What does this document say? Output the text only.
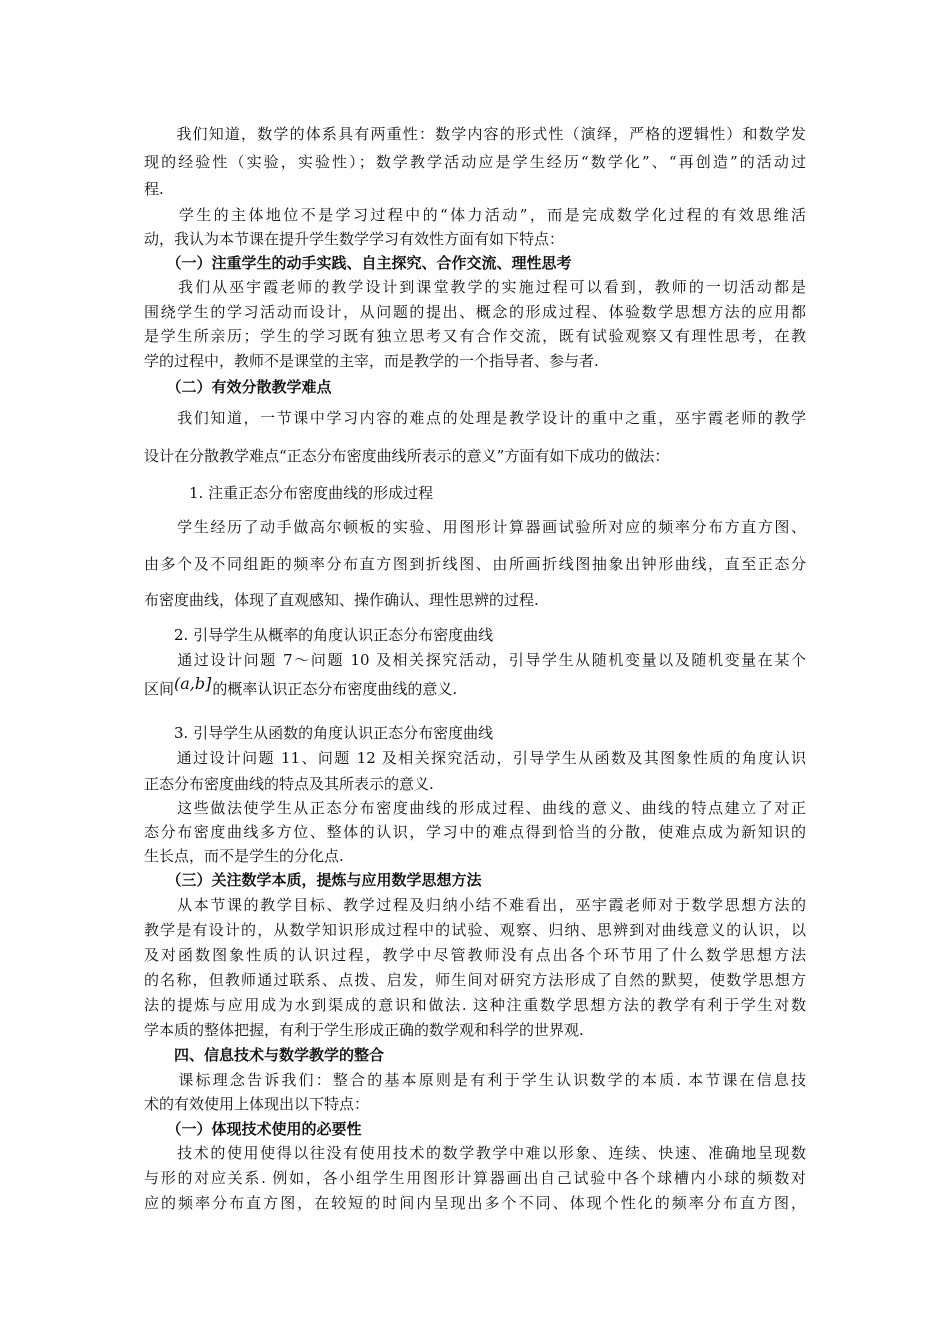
　　我们知道，数学的体系具有两重性：数学内容的形式性（演绎，严格的逻辑性）和数学发
现的经验性（实验，实验性）；数学教学活动应是学生经历“数学化”、“再创造”的活动过
程.
　　学生的主体地位不是学习过程中的“体力活动”，而是完成数学化过程的有效思维活
动，我认为本节课在提升学生数学学习有效性方面有如下特点：
　　（一）注重学生的动手实践、自主探究、合作交流、理性思考
　　我们从巫宇霞老师的教学设计到课堂教学的实施过程可以看到，教师的一切活动都是
围绕学生的学习活动而设计，从问题的提出、概念的形成过程、体验数学思想方法的应用都
是学生所亲历；学生的学习既有独立思考又有合作交流，既有试验观察又有理性思考，在教
学的过程中，教师不是课堂的主宰，而是教学的一个指导者、参与者.
　　（二）有效分散教学难点
　　我们知道，一节课中学习内容的难点的处理是教学设计的重中之重，巫宇霞老师的教学
设计在分散教学难点“正态分布密度曲线所表示的意义”方面有如下成功的做法：
　　　1. 注重正态分布密度曲线的形成过程
　　学生经历了动手做高尔顿板的实验、用图形计算器画试验所对应的频率分布方直方图、
由多个及不同组距的频率分布直方图到折线图、由所画折线图抽象出钟形曲线，直至正态分
布密度曲线，体现了直观感知、操作确认、理性思辨的过程.
　　2. 引导学生从概率的角度认识正态分布密度曲线
　　通过设计问题 7～问题 10 及相关探究活动，引导学生从随机变量以及随机变量在某个
区间(a,b]的概率认识正态分布密度曲线的意义.
　　3. 引导学生从函数的角度认识正态分布密度曲线
　　通过设计问题 11、问题 12 及相关探究活动，引导学生从函数及其图象性质的角度认识
正态分布密度曲线的特点及其所表示的意义.
　　这些做法使学生从正态分布密度曲线的形成过程、曲线的意义、曲线的特点建立了对正
态分布密度曲线多方位、整体的认识，学习中的难点得到恰当的分散，使难点成为新知识的
生长点，而不是学生的分化点.
　　（三）关注数学本质，提炼与应用数学思想方法
　　从本节课的教学目标、教学过程及归纳小结不难看出，巫宇霞老师对于数学思想方法的
教学是有设计的，从数学知识形成过程中的试验、观察、归纳、思辨到对曲线意义的认识，以
及对函数图象性质的认识过程，教学中尽管教师没有点出各个环节用了什么数学思想方法
的名称，但教师通过联系、点拨、启发，师生间对研究方法形成了自然的默契，使数学思想方
法的提炼与应用成为水到渠成的意识和做法. 这种注重数学思想方法的教学有利于学生对数
学本质的整体把握，有利于学生形成正确的数学观和科学的世界观.
　　四、信息技术与数学教学的整合
　　课标理念告诉我们：整合的基本原则是有利于学生认识数学的本质. 本节课在信息技
术的有效使用上体现出以下特点：
　　（一）体现技术使用的必要性
　　技术的使用使得以往没有使用技术的数学教学中难以形象、连续、快速、准确地呈现数
与形的对应关系. 例如，各小组学生用图形计算器画出自己试验中各个球槽内小球的频数对
应的频率分布直方图，在较短的时间内呈现出多个不同、体现个性化的频率分布直方图，
